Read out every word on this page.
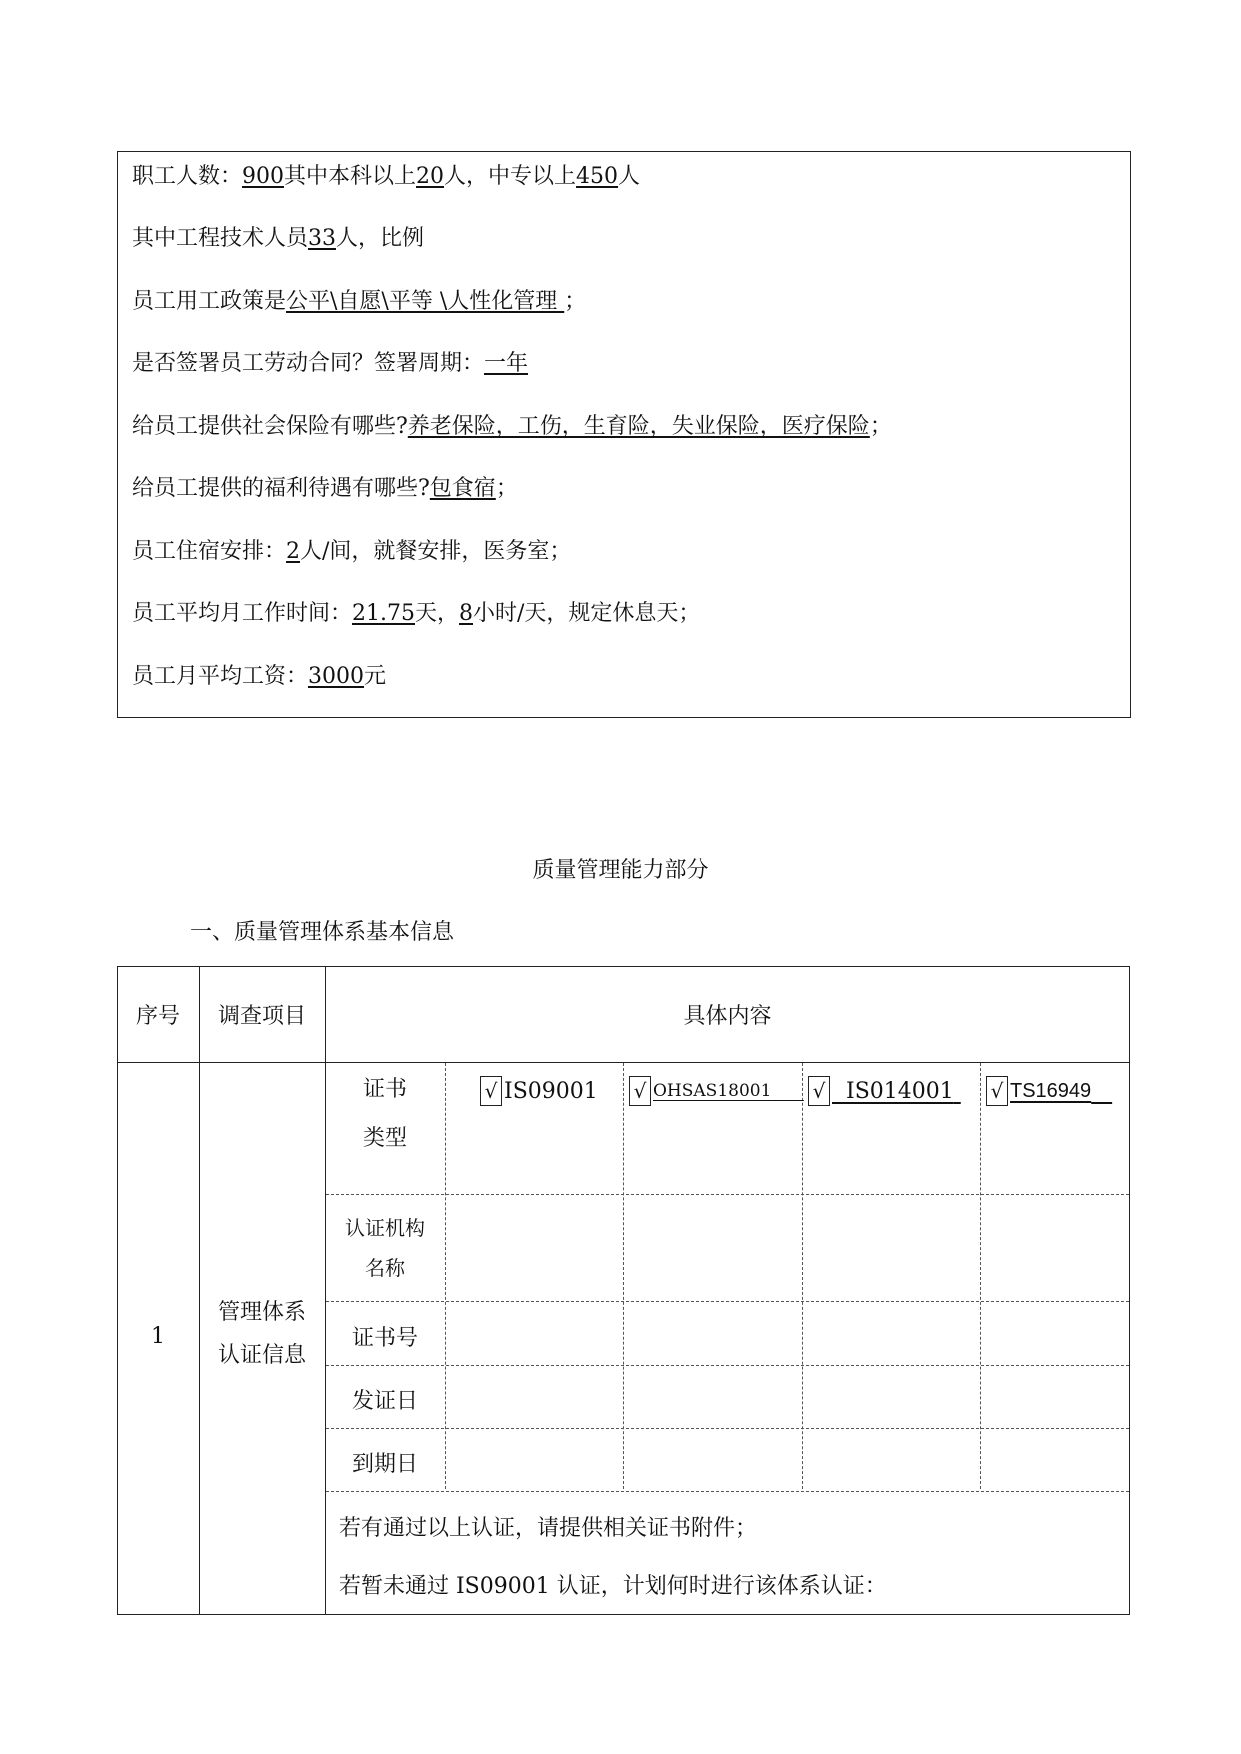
职工人数：900其中本科以上20人，中专以上450人
其中工程技术人员33人，比例
员工用工政策是公平\自愿\平等 \人性化管理 ；
是否签署员工劳动合同？签署周期：一年
给员工提供社会保险有哪些?养老保险，工伤，生育险，失业保险，医疗保险；
给员工提供的福利待遇有哪些?包食宿；
员工住宿安排：2人/间，就餐安排，医务室；
员工平均月工作时间：21.75天，8小时/天，规定休息天；
员工月平均工资：3000元
质量管理能力部分
一、质量管理体系基本信息
序号	调查项目	具体内容
1
管理体系
认证信息
证书
类型
认证机构
名称
证书号
发证日
到期日
√ IS09001 √ OHSAS18001
√
IS014001
√ TS16949

若有通过以上认证，请提供相关证书附件；
若暂未通过 IS09001 认证，计划何时进行该体系认证：
